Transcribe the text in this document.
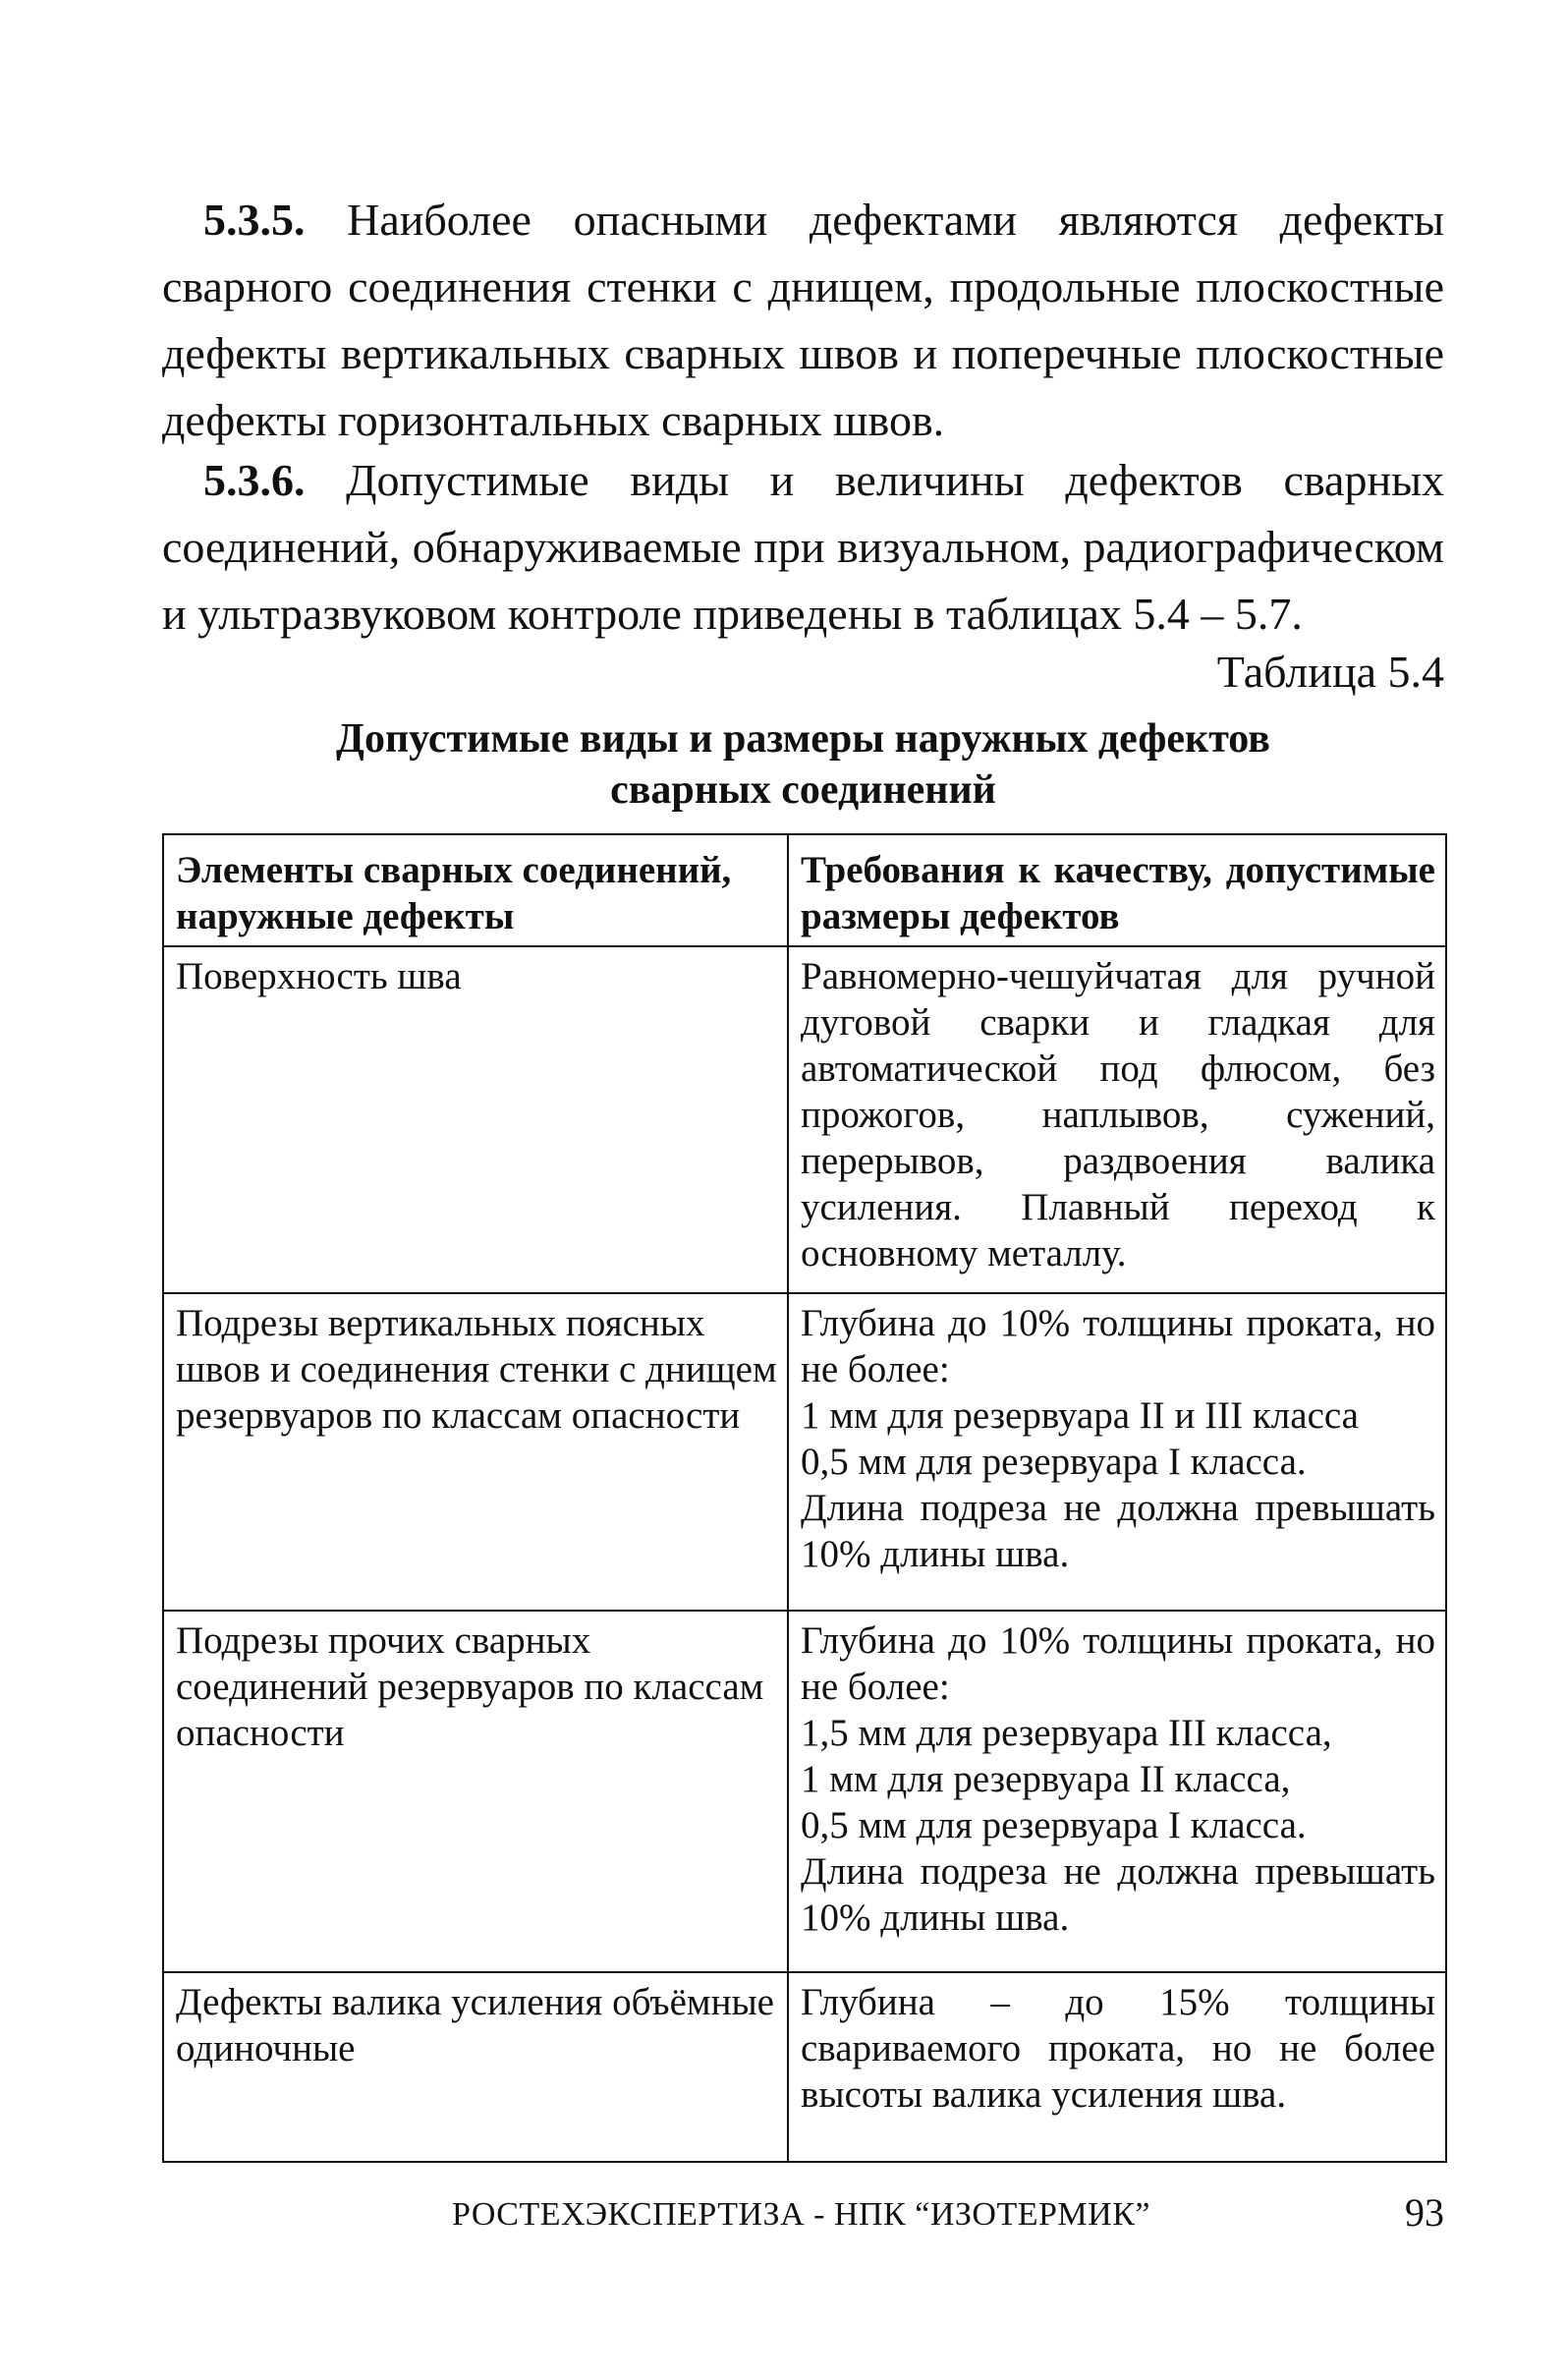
5.3.5. Наиболее опасными дефектами являются дефекты сварного соединения стенки с днищем, продольные плоскостные дефекты вертикальных сварных швов и поперечные плоскостные дефекты горизонтальных сварных швов.

5.3.6. Допустимые виды и величины дефектов сварных соединений, обнаруживаемые при визуальном, радиографическом и ультразвуковом контроле приведены в таблицах 5.4 – 5.7.

Таблица 5.4

Допустимые виды и размеры наружных дефектов
сварных соединений

Элементы сварных соединений, наружные дефекты	Требования к качеству, допустимые размеры дефектов
Поверхность шва	Равномерно-чешуйчатая для ручной дуговой сварки и гладкая для автоматической под флюсом, без прожогов, наплывов, сужений, перерывов, раздвоения валика усиления. Плавный переход к основному металлу.

Подрезы вертикальных поясных швов и соединения стенки с днищем резервуаров по классам опасности	Глубина до 10% толщины проката, но не более:
1 мм для резервуара II и III класса
0,5 мм для резервуара I класса.
Длина подреза не должна превышать 10% длины шва.

Подрезы прочих сварных соединений резервуаров по классам опасности	Глубина до 10% толщины проката, но не более:
1,5 мм для резервуара III класса,
1 мм для резервуара II класса,
0,5 мм для резервуара I класса.
Длина подреза не должна превышать 10% длины шва.

Дефекты валика усиления объёмные одиночные	Глубина – до 15% толщины свариваемого проката, но не более высоты валика усиления шва.

РОСТЕХЭКСПЕРТИЗА - НПК “ИЗОТЕРМИК”	93
